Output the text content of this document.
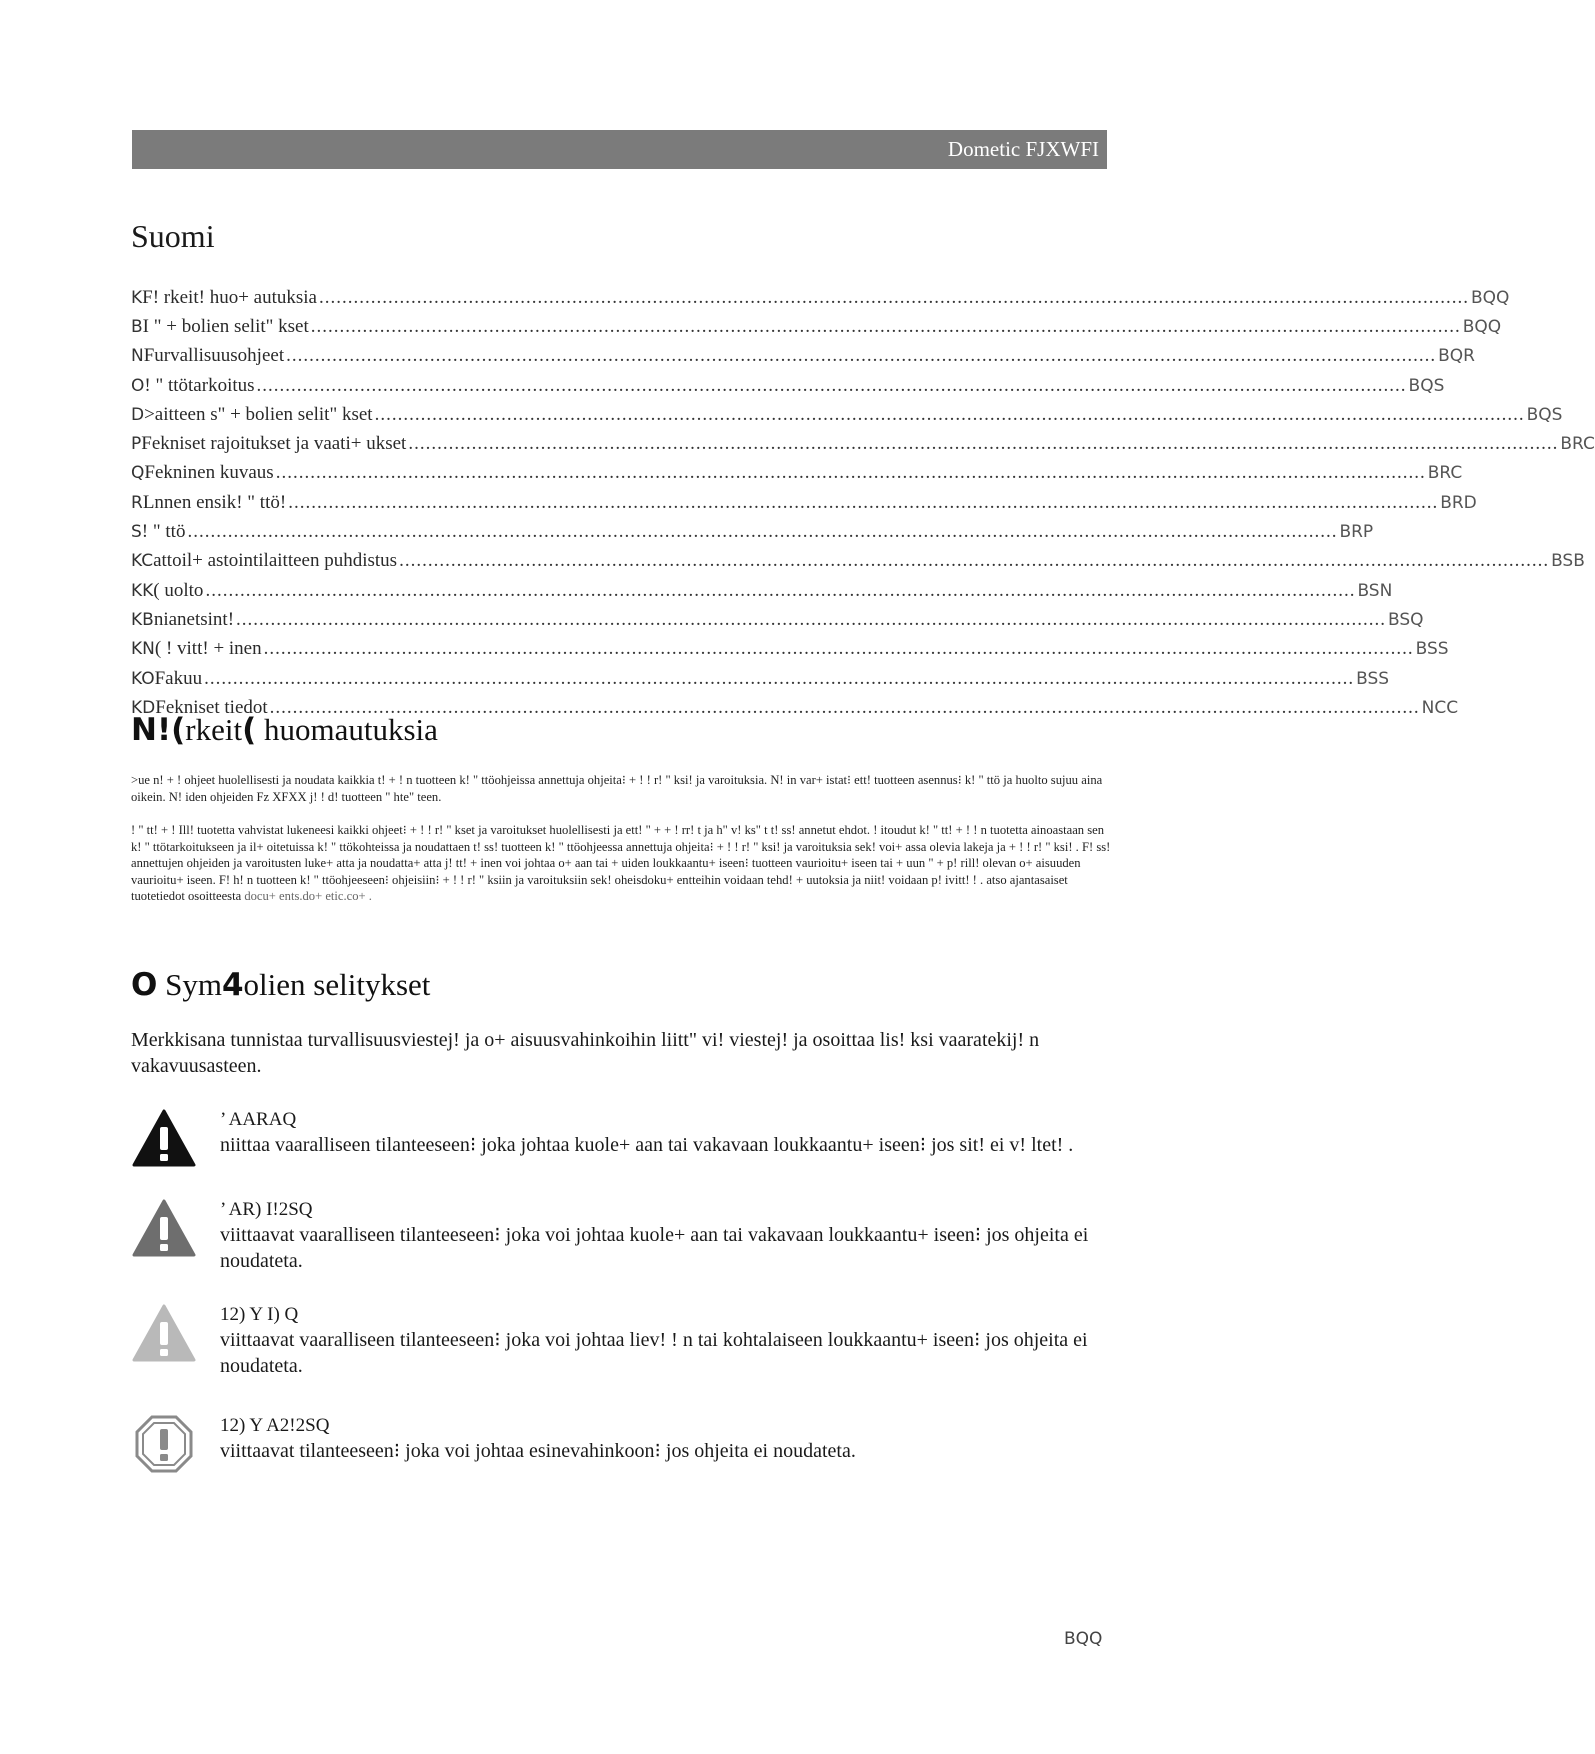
Dometic FJXWFI
Suomi
K F! rkeit! huo+ autuksia ........................................................................................................................................................................................................ BQQ
B I " + bolien selit" kset ........................................................................................................................................................................................................ BQQ
N Furvallisuusohjeet ........................................................................................................................................................................................................ BQR
O ! " ttötarkoitus ........................................................................................................................................................................................................ BQS
D >aitteen s" + bolien selit" kset ........................................................................................................................................................................................................ BQS
P Fekniset rajoitukset ja vaati+ ukset ........................................................................................................................................................................................................ BRC
Q Fekninen kuvaus ........................................................................................................................................................................................................ BRC
R Lnnen ensik! " ttö! ........................................................................................................................................................................................................ BRD
S ! " ttö ........................................................................................................................................................................................................ BRP
KC attoil+ astointilaitteen puhdistus ........................................................................................................................................................................................................ BSB
KK ( uolto ........................................................................................................................................................................................................ BSN
KB nianetsint! ........................................................................................................................................................................................................ BSQ
KN ( ! vitt! + inen ........................................................................................................................................................................................................ BSS
KO Fakuu ........................................................................................................................................................................................................ BSS
KD Fekniset tiedot ........................................................................................................................................................................................................ NCC
N!(rkeit( huomautuksia
>ue n! + ! ohjeet huolellisesti ja noudata kaikkia t! + ! n tuotteen k! " ttöohjeissa annettuja ohjeita⁝ + ! ! r! " ksi! ja varoituksia. N! in var+ istat⁝ ett! tuotteen asennus⁝ k! " ttö ja huolto sujuu aina oikein. N! iden ohjeiden Fz XFXX j! ! d! tuotteen " hte" teen.
! " tt! + ! Ill! tuotetta vahvistat lukeneesi kaikki ohjeet⁝ + ! ! r! " kset ja varoitukset huolellisesti ja ett! " + + ! rr! t ja h" v! ks" t t! ss! annetut ehdot. ! itoudut k! " tt! + ! ! n tuotetta ainoastaan sen k! " ttötarkoitukseen ja il+ oitetuissa k! " ttökohteissa ja noudattaen t! ss! tuotteen k! " ttöohjeessa annettuja ohjeita⁝ + ! ! r! " ksi! ja varoituksia sek! voi+ assa olevia lakeja ja + ! ! r! " ksi! . F! ss! annettujen ohjeiden ja varoitusten luke+ atta ja noudatta+ atta j! tt! + inen voi johtaa o+ aan tai + uiden loukkaantu+ iseen⁝ tuotteen vaurioitu+ iseen tai + uun " + p! rill! olevan o+ aisuuden vaurioitu+ iseen. F! h! n tuotteen k! " ttöohjeeseen⁝ ohjeisiin⁝ + ! ! r! " ksiin ja varoituksiin sek! oheisdoku+ entteihin voidaan tehd! + uutoksia ja niit! voidaan p! ivitt! ! . atso ajantasaiset tuotetiedot osoitteesta docu+ ents.do+ etic.co+ .
O Sym4olien selitykset
Merkkisana tunnistaa turvallisuusviestej! ja o+ aisuusvahinkoihin liitt" vi! viestej! ja osoittaa lis! ksi vaaratekij! n vakavuusasteen.
’ AARAQ
niittaa vaaralliseen tilanteeseen⁝ joka johtaa kuole+ aan tai vakavaan loukkaantu+ iseen⁝ jos sit! ei v! ltet! .
’ AR) I!2SQ
viittaavat vaaralliseen tilanteeseen⁝ joka voi johtaa kuole+ aan tai vakavaan loukkaantu+ iseen⁝ jos ohjeita ei noudateta.
12) Y I) Q
viittaavat vaaralliseen tilanteeseen⁝ joka voi johtaa liev! ! n tai kohtalaiseen loukkaantu+ iseen⁝ jos ohjeita ei noudateta.
12) Y A2!2SQ
viittaavat tilanteeseen⁝ joka voi johtaa esinevahinkoon⁝ jos ohjeita ei noudateta.
BQQ
